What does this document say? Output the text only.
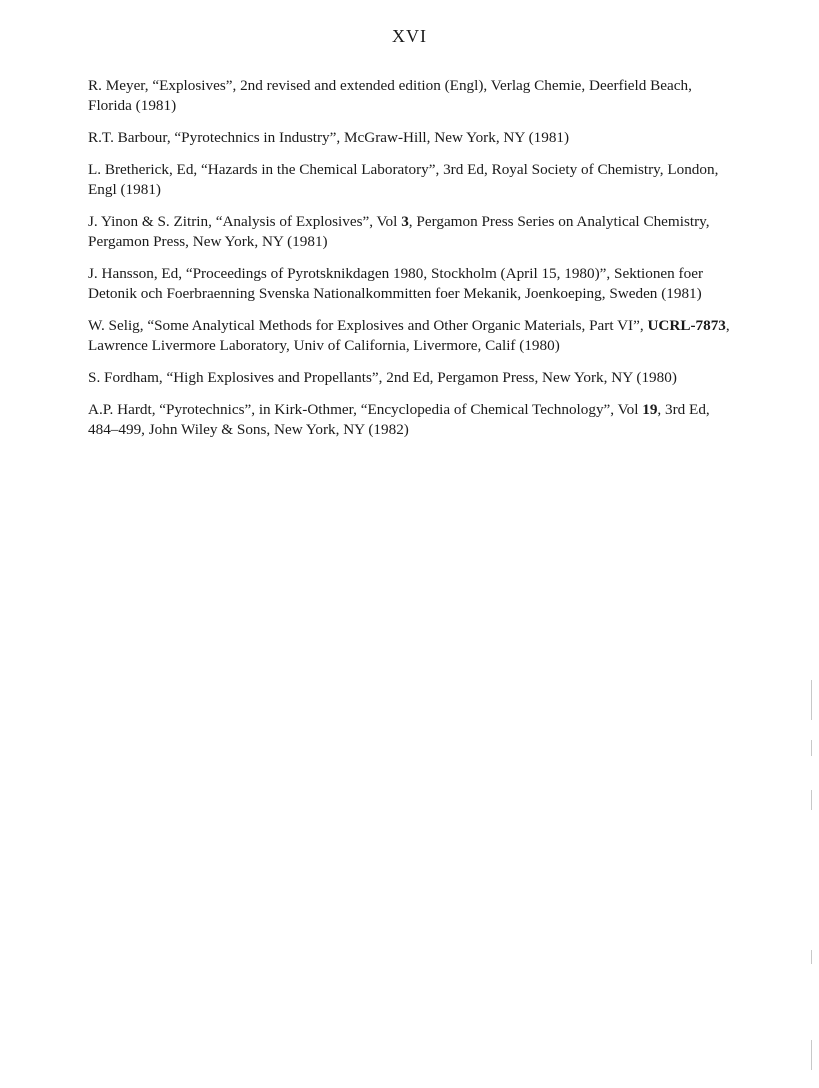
XVI
R. Meyer, “Explosives”, 2nd revised and extended edition (Engl), Verlag Chemie, Deerfield Beach, Florida (1981)
R.T. Barbour, “Pyrotechnics in Industry”, McGraw-Hill, New York, NY (1981)
L. Bretherick, Ed, “Hazards in the Chemical Laboratory”, 3rd Ed, Royal Society of Chemistry, London, Engl (1981)
J. Yinon & S. Zitrin, “Analysis of Explosives”, Vol 3, Pergamon Press Series on Analytical Chemistry, Pergamon Press, New York, NY (1981)
J. Hansson, Ed, “Proceedings of Pyrotsknikdagen 1980, Stockholm (April 15, 1980)”, Sektionen foer Detonik och Foerbraenning Svenska Nationalkommitten foer Mekanik, Joenkoeping, Sweden (1981)
W. Selig, “Some Analytical Methods for Explosives and Other Organic Materials, Part VI”, UCRL-7873, Lawrence Livermore Laboratory, Univ of California, Livermore, Calif (1980)
S. Fordham, “High Explosives and Propellants”, 2nd Ed, Pergamon Press, New York, NY (1980)
A.P. Hardt, “Pyrotechnics”, in Kirk-Othmer, “Encyclopedia of Chemical Technology”, Vol 19, 3rd Ed, 484–499, John Wiley & Sons, New York, NY (1982)
